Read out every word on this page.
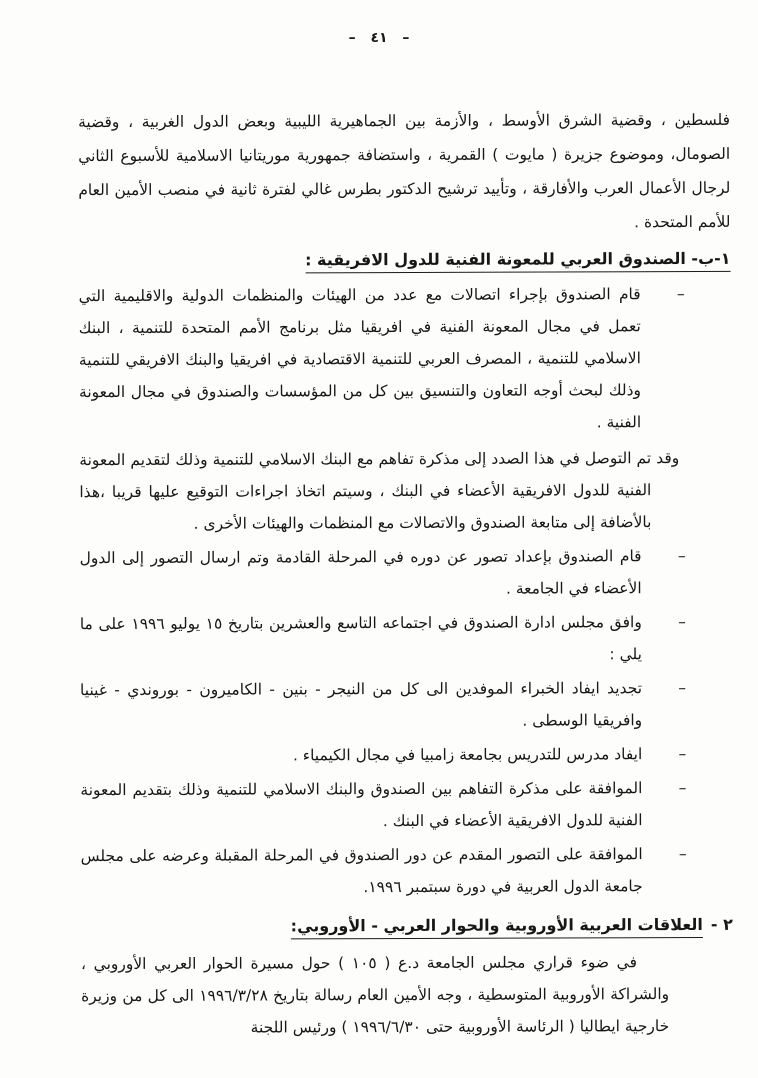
– ٤١ –

فلسطين ، وقضية الشرق الأوسط ، والأزمة بين الجماهيرية الليبية وبعض الدول الغربية ، وقضية الصومال، وموضوع جزيرة ( مايوت ) القمرية ، واستضافة جمهورية موريتانيا الاسلامية للأسبوع الثاني لرجال الأعمال العرب والأفارقة ، وتأييد ترشيح الدكتور بطرس غالي لفترة ثانية في منصب الأمين العام للأمم المتحدة .

١-ب- الصندوق العربي للمعونة الفنية للدول الافريقية :
–
قام الصندوق بإجراء اتصالات مع عدد من الهيئات والمنظمات الدولية والاقليمية التي تعمل في مجال المعونة الفنية في افريقيا مثل برنامج الأمم المتحدة للتنمية ، البنك الاسلامي للتنمية ، المصرف العربي للتنمية الاقتصادية في افريقيا والبنك الافريقي للتنمية وذلك لبحث أوجه التعاون والتنسيق بين كل من المؤسسات والصندوق في مجال المعونة الفنية .

وقد تم التوصل في هذا الصدد إلى مذكرة تفاهم مع البنك الاسلامي للتنمية وذلك لتقديم المعونة الفنية للدول الافريقية الأعضاء في البنك ، وسيتم اتخاذ اجراءات التوقيع عليها قريبا ،هذا بالأضافة إلى متابعة الصندوق والاتصالات مع المنظمات والهيئات الأخرى .

–
قام الصندوق بإعداد تصور عن دوره في المرحلة القادمة وتم ارسال التصور إلى الدول الأعضاء في الجامعة .
–
وافق مجلس ادارة الصندوق في اجتماعه التاسع والعشرين بتاريخ ١٥ يوليو ١٩٩٦ على ما يلي :
–
تجديد ايفاد الخبراء الموفدين الى كل من النيجر - بنين - الكاميرون - بوروندي - غينيا وافريقيا الوسطى .
–
ايفاد مدرس للتدريس بجامعة زامبيا في مجال الكيمياء .
–
الموافقة على مذكرة التفاهم بين الصندوق والبنك الاسلامي للتنمية وذلك بتقديم المعونة الفنية للدول الافريقية الأعضاء في البنك .
–
الموافقة على التصور المقدم عن دور الصندوق في المرحلة المقبلة وعرضه على مجلس جامعة الدول العربية في دورة سبتمبر ١٩٩٦.
٢ -العلاقات العربية الأوروبية والحوار العربي - الأوروبي:

في ضوء قراري مجلس الجامعة د.ع ( ١٠٥ ) حول مسيرة الحوار العربي الأوروبي ، والشراكة الأوروبية المتوسطية ، وجه الأمين العام رسالة بتاريخ ١٩٩٦/٣/٢٨ الى كل من وزيرة خارجية ايطاليا ( الرئاسة الأوروبية حتى ١٩٩٦/٦/٣٠ ) ورئيس اللجنة
